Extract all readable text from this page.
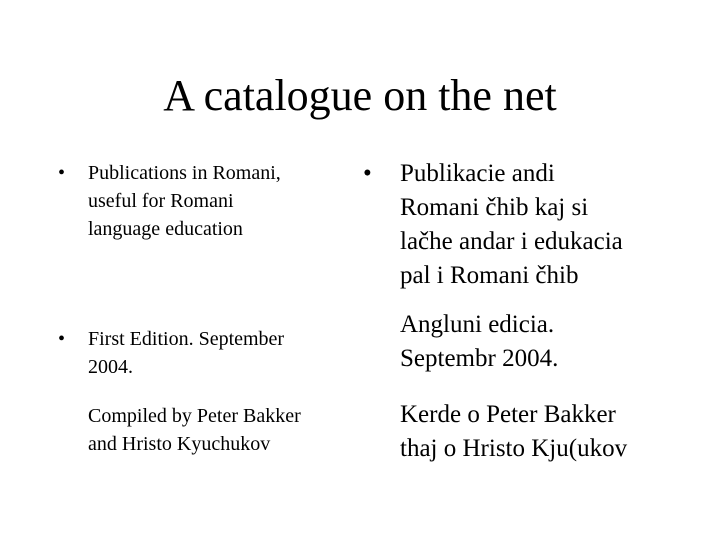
A catalogue on the net
• Publications in Romani,
useful for Romani
language education
• First Edition. September
2004.
Compiled by Peter Bakker
and Hristo Kyuchukov
• Publikacie andi
Romani čhib kaj si
lačhe andar i edukacia
pal i Romani čhib
Angluni edicia.
Septembr 2004.
Kerde o Peter Bakker
thaj o Hristo Kju(ukov
